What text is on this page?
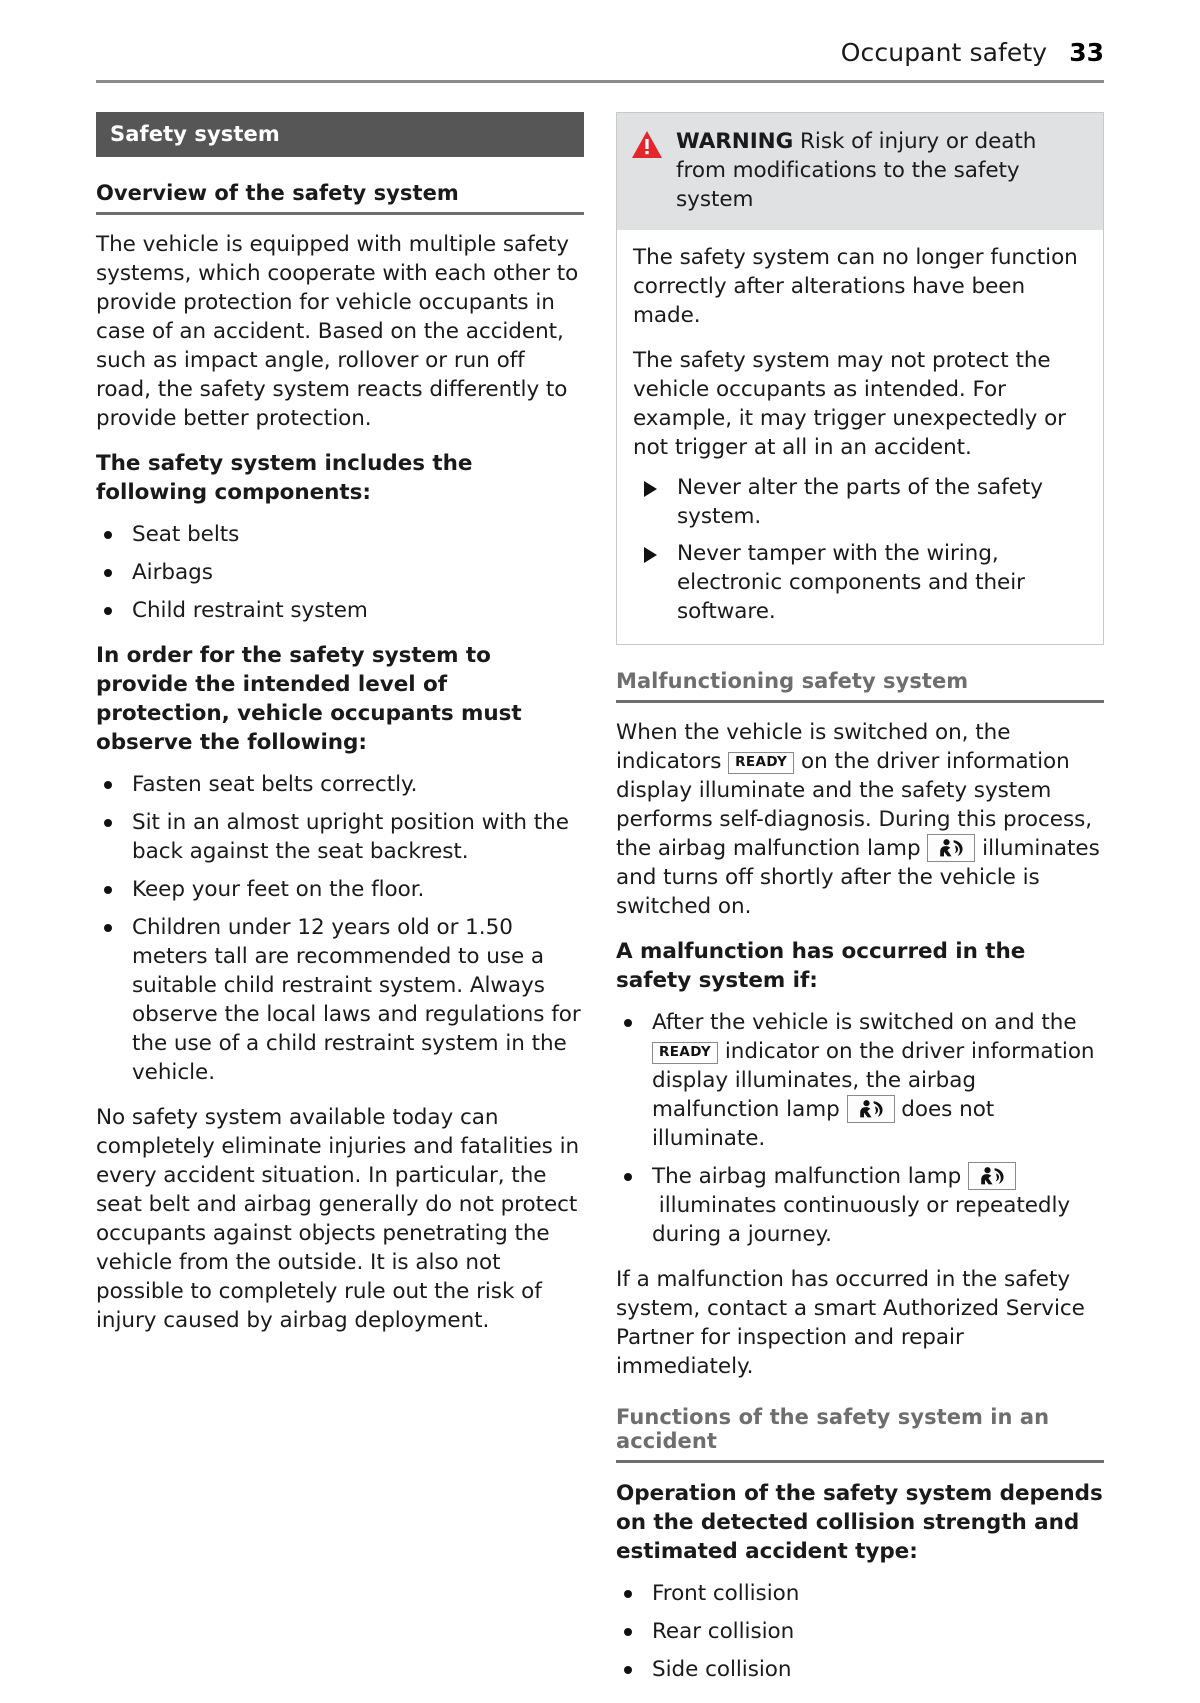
Occupant safety 33
Safety system
Overview of the safety system

The vehicle is equipped with multiple safety systems, which cooperate with each other to provide protection for vehicle occupants in case of an accident. Based on the accident, such as impact angle, rollover or run off road, the safety system reacts differently to provide better protection.

The safety system includes the following components:

Seat belts
Airbags
Child restraint system

In order for the safety system to provide the intended level of protection, vehicle occupants must observe the following:

Fasten seat belts correctly.
Sit in an almost upright position with the back against the seat backrest.
Keep your feet on the floor.
Children under 12 years old or 1.50 meters tall are recommended to use a suitable child restraint system. Always observe the local laws and regulations for the use of a child restraint system in the vehicle.

No safety system available today can completely eliminate injuries and fatalities in every accident situation. In particular, the seat belt and airbag generally do not protect occupants against objects penetrating the vehicle from the outside. It is also not possible to completely rule out the risk of injury caused by airbag deployment.

WARNING Risk of injury or death from modifications to the safety system

The safety system can no longer function correctly after alterations have been made.

The safety system may not protect the vehicle occupants as intended. For example, it may trigger unexpectedly or not trigger at all in an accident.

Never alter the parts of the safety system.
Never tamper with the wiring, electronic components and their software.
Malfunctioning safety system

When the vehicle is switched on, the indicators READY on the driver information display illuminate and the safety system performs self-diagnosis. During this process, the airbag malfunction lamp	illuminates and turns off shortly after the vehicle is switched on.

A malfunction has occurred in the safety system if:

After the vehicle is switched on and the READY indicator on the driver information display illuminates, the airbag malfunction lamp	does not illuminate.
The airbag malfunction lamp
illuminates continuously or repeatedly during a journey.

If a malfunction has occurred in the safety system, contact a smart Authorized Service Partner for inspection and repair immediately.

Functions of the safety system in an accident

Operation of the safety system depends on the detected collision strength and estimated accident type:

Front collision
Rear collision
Side collision
